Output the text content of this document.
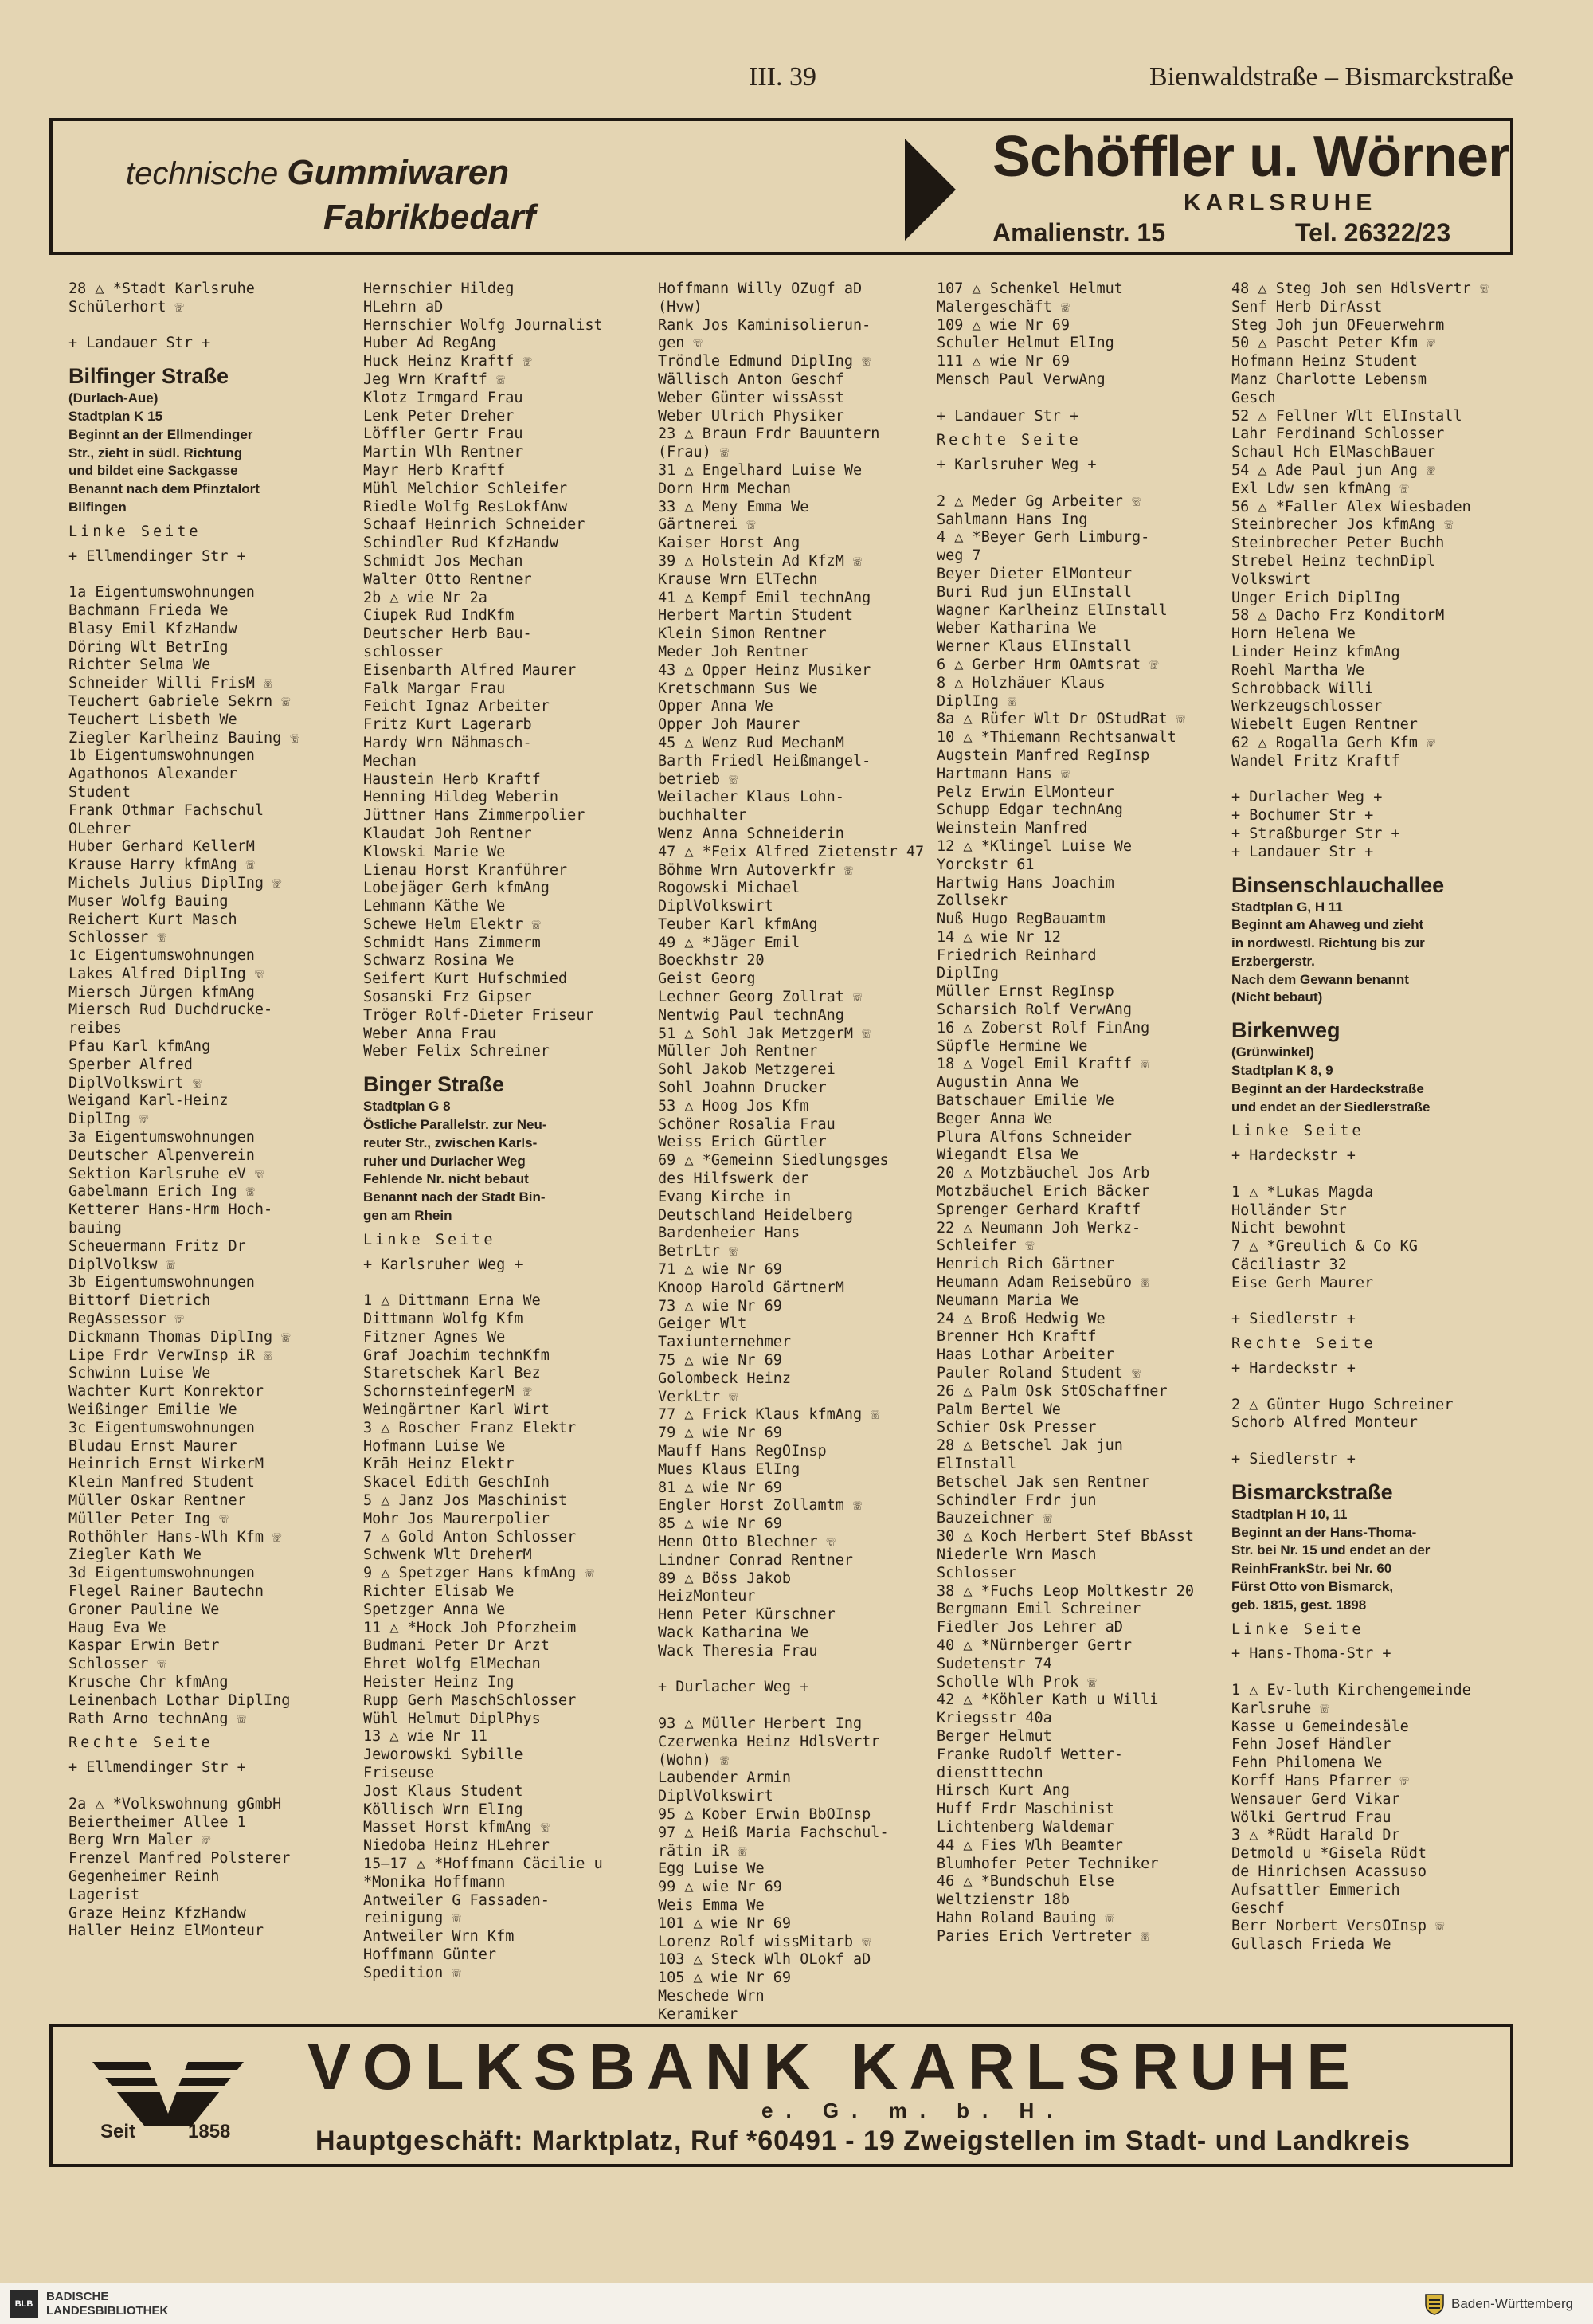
III. 39	Bienwaldstraße – Bismarckstraße
technische Gummiwaren
Fabrikbedarf
Schöffler u. Wörner
KARLSRUHE
Amalienstr. 15	Tel. 26322/23
28 △ *Stadt Karlsruhe
Schülerhort ☏
+ Landauer Str +
Bilfinger Straße
(Durlach-Aue)
Stadtplan K 15
Beginnt an der Ellmendinger
Str., zieht in südl. Richtung
und bildet eine Sackgasse
Benannt nach dem Pfinztalort
Bilfingen
Linke Seite
+ Ellmendinger Str +
1a Eigentumswohnungen
Bachmann Frieda We
Blasy Emil KfzHandw
Döring Wlt BetrIng
Richter Selma We
Schneider Willi FrisM ☏
Teuchert Gabriele Sekrn ☏
Teuchert Lisbeth We
Ziegler Karlheinz Bauing ☏
1b Eigentumswohnungen
Agathonos Alexander
Student
Frank Othmar Fachschul
OLehrer
Huber Gerhard KellerM
Krause Harry kfmAng ☏
Michels Julius DiplIng ☏
Muser Wolfg Bauing
Reichert Kurt Masch
Schlosser ☏
1c Eigentumswohnungen
Lakes Alfred DiplIng ☏
Miersch Jürgen kfmAng
Miersch Rud Duchdrucke-
reibes
Pfau Karl kfmAng
Sperber Alfred
DiplVolkswirt ☏
Weigand Karl-Heinz
DiplIng ☏
3a Eigentumswohnungen
Deutscher Alpenverein
Sektion Karlsruhe eV ☏
Gabelmann Erich Ing ☏
Ketterer Hans-Hrm Hoch-
bauing
Scheuermann Fritz Dr
DiplVolksw ☏
3b Eigentumswohnungen
Bittorf Dietrich
RegAssessor ☏
Dickmann Thomas DiplIng ☏
Lipe Frdr VerwInsp iR ☏
Schwinn Luise We
Wachter Kurt Konrektor
Weißinger Emilie We
3c Eigentumswohnungen
Bludau Ernst Maurer
Heinrich Ernst WirkerM
Klein Manfred Student
Müller Oskar Rentner
Müller Peter Ing ☏
Rothöhler Hans-Wlh Kfm ☏
Ziegler Kath We
3d Eigentumswohnungen
Flegel Rainer Bautechn
Groner Pauline We
Haug Eva We
Kaspar Erwin Betr
Schlosser ☏
Krusche Chr kfmAng
Leinenbach Lothar DiplIng
Rath Arno technAng ☏
Rechte Seite
+ Ellmendinger Str +
2a △ *Volkswohnung gGmbH
Beiertheimer Allee 1
Berg Wrn Maler ☏
Frenzel Manfred Polsterer
Gegenheimer Reinh
Lagerist
Graze Heinz KfzHandw
Haller Heinz ElMonteur
Hernschier Hildeg
HLehrn aD
Hernschier Wolfg Journalist
Huber Ad RegAng
Huck Heinz Kraftf ☏
Jeg Wrn Kraftf ☏
Klotz Irmgard Frau
Lenk Peter Dreher
Löffler Gertr Frau
Martin Wlh Rentner
Mayr Herb Kraftf
Mühl Melchior Schleifer
Riedle Wolfg ResLokfAnw
Schaaf Heinrich Schneider
Schindler Rud KfzHandw
Schmidt Jos Mechan
Walter Otto Rentner
2b △ wie Nr 2a
Ciupek Rud IndKfm
Deutscher Herb Bau-
schlosser
Eisenbarth Alfred Maurer
Falk Margar Frau
Feicht Ignaz Arbeiter
Fritz Kurt Lagerarb
Hardy Wrn Nähmasch-
Mechan
Haustein Herb Kraftf
Henning Hildeg Weberin
Jüttner Hans Zimmerpolier
Klaudat Joh Rentner
Klowski Marie We
Lienau Horst Kranführer
Lobejäger Gerh kfmAng
Lehmann Käthe We
Schewe Helm Elektr ☏
Schmidt Hans Zimmerm
Schwarz Rosina We
Seifert Kurt Hufschmied
Sosanski Frz Gipser
Tröger Rolf-Dieter Friseur
Weber Anna Frau
Weber Felix Schreiner
Binger Straße
Stadtplan G 8
Östliche Parallelstr. zur Neu-
reuter Str., zwischen Karls-
ruher und Durlacher Weg
Fehlende Nr. nicht bebaut
Benannt nach der Stadt Bin-
gen am Rhein
Linke Seite
+ Karlsruher Weg +
1 △ Dittmann Erna We
Dittmann Wolfg Kfm
Fitzner Agnes We
Graf Joachim technKfm
Staretschek Karl Bez
SchornsteinfegerM ☏
Weingärtner Karl Wirt
3 △ Roscher Franz Elektr
Hofmann Luise We
Krāh Heinz Elektr
Skacel Edith GeschInh
5 △ Janz Jos Maschinist
Mohr Jos Maurerpolier
7 △ Gold Anton Schlosser
Schwenk Wlt DreherM
9 △ Spetzger Hans kfmAng ☏
Richter Elisab We
Spetzger Anna We
11 △ *Hock Joh Pforzheim
Budmani Peter Dr Arzt
Ehret Wolfg ElMechan
Heister Heinz Ing
Rupp Gerh MaschSchlosser
Wühl Helmut DiplPhys
13 △ wie Nr 11
Jeworowski Sybille
Friseuse
Jost Klaus Student
Köllisch Wrn ElIng
Masset Horst kfmAng ☏
Niedoba Heinz HLehrer
15–17 △ *Hoffmann Cäcilie u
*Monika Hoffmann
Antweiler G Fassaden-
reinigung ☏
Antweiler Wrn Kfm
Hoffmann Günter
Spedition ☏
Hoffmann Willy OZugf aD
(Hvw)
Rank Jos Kaminisolierun-
gen ☏
Tröndle Edmund DiplIng ☏
Wällisch Anton Geschf
Weber Günter wissAsst
Weber Ulrich Physiker
23 △ Braun Frdr Bauuntern
(Frau) ☏
31 △ Engelhard Luise We
Dorn Hrm Mechan
33 △ Meny Emma We
Gärtnerei ☏
Kaiser Horst Ang
39 △ Holstein Ad KfzM ☏
Krause Wrn ElTechn
41 △ Kempf Emil technAng
Herbert Martin Student
Klein Simon Rentner
Meder Joh Rentner
43 △ Opper Heinz Musiker
Kretschmann Sus We
Opper Anna We
Opper Joh Maurer
45 △ Wenz Rud MechanM
Barth Friedl Heißmangel-
betrieb ☏
Weilacher Klaus Lohn-
buchhalter
Wenz Anna Schneiderin
47 △ *Feix Alfred Zietenstr 47
Böhme Wrn Autoverkfr ☏
Rogowski Michael
DiplVolkswirt
Teuber Karl kfmAng
49 △ *Jäger Emil
Boeckhstr 20
Geist Georg
Lechner Georg Zollrat ☏
Nentwig Paul technAng
51 △ Sohl Jak MetzgerM ☏
Müller Joh Rentner
Sohl Jakob Metzgerei
Sohl Joahnn Drucker
53 △ Hoog Jos Kfm
Schöner Rosalia Frau
Weiss Erich Gürtler
69 △ *Gemeinn Siedlungsges
des Hilfswerk der
Evang Kirche in
Deutschland Heidelberg
Bardenheier Hans
BetrLtr ☏
71 △ wie Nr 69
Knoop Harold GärtnerM
73 △ wie Nr 69
Geiger Wlt
Taxiunternehmer
75 △ wie Nr 69
Golombeck Heinz
VerkLtr ☏
77 △ Frick Klaus kfmAng ☏
79 △ wie Nr 69
Mauff Hans RegOInsp
Mues Klaus ElIng
81 △ wie Nr 69
Engler Horst Zollamtm ☏
85 △ wie Nr 69
Henn Otto Blechner ☏
Lindner Conrad Rentner
89 △ Böss Jakob
HeizMonteur
Henn Peter Kürschner
Wack Katharina We
Wack Theresia Frau
+ Durlacher Weg +
93 △ Müller Herbert Ing
Czerwenka Heinz HdlsVertr
(Wohn) ☏
Laubender Armin
DiplVolkswirt
95 △ Kober Erwin BbOInsp
97 △ Heiß Maria Fachschul-
rätin iR ☏
Egg Luise We
99 △ wie Nr 69
Weis Emma We
101 △ wie Nr 69
Lorenz Rolf wissMitarb ☏
103 △ Steck Wlh OLokf aD
105 △ wie Nr 69
Meschede Wrn
Keramiker
107 △ Schenkel Helmut
Malergeschäft ☏
109 △ wie Nr 69
Schuler Helmut ElIng
111 △ wie Nr 69
Mensch Paul VerwAng
+ Landauer Str +
Rechte Seite
+ Karlsruher Weg +
2 △ Meder Gg Arbeiter ☏
Sahlmann Hans Ing
4 △ *Beyer Gerh Limburg-
weg 7
Beyer Dieter ElMonteur
Buri Rud jun ElInstall
Wagner Karlheinz ElInstall
Weber Katharina We
Werner Klaus ElInstall
6 △ Gerber Hrm OAmtsrat ☏
8 △ Holzhäuer Klaus
DiplIng ☏
8a △ Rüfer Wlt Dr OStudRat ☏
10 △ *Thiemann Rechtsanwalt
Augstein Manfred RegInsp
Hartmann Hans ☏
Pelz Erwin ElMonteur
Schupp Edgar technAng
Weinstein Manfred
12 △ *Klingel Luise We
Yorckstr 61
Hartwig Hans Joachim
Zollsekr
Nuß Hugo RegBauamtm
14 △ wie Nr 12
Friedrich Reinhard
DiplIng
Müller Ernst RegInsp
Scharsich Rolf VerwAng
16 △ Zoberst Rolf FinAng
Süpfle Hermine We
18 △ Vogel Emil Kraftf ☏
Augustin Anna We
Batschauer Emilie We
Beger Anna We
Plura Alfons Schneider
Wiegandt Elsa We
20 △ Motzbäuchel Jos Arb
Motzbäuchel Erich Bäcker
Sprenger Gerhard Kraftf
22 △ Neumann Joh Werkz-
Schleifer ☏
Henrich Rich Gärtner
Heumann Adam Reisebüro ☏
Neumann Maria We
24 △ Broß Hedwig We
Brenner Hch Kraftf
Haas Lothar Arbeiter
Pauler Roland Student ☏
26 △ Palm Osk StOSchaffner
Palm Bertel We
Schier Osk Presser
28 △ Betschel Jak jun
ElInstall
Betschel Jak sen Rentner
Schindler Frdr jun
Bauzeichner ☏
30 △ Koch Herbert Stef BbAsst
Niederle Wrn Masch
Schlosser
38 △ *Fuchs Leop Moltkestr 20
Bergmann Emil Schreiner
Fiedler Jos Lehrer aD
40 △ *Nürnberger Gertr
Sudetenstr 74
Scholle Wlh Prok ☏
42 △ *Köhler Kath u Willi
Kriegsstr 40a
Berger Helmut
Franke Rudolf Wetter-
dienstttechn
Hirsch Kurt Ang
Huff Frdr Maschinist
Lichtenberg Waldemar
44 △ Fies Wlh Beamter
Blumhofer Peter Techniker
46 △ *Bundschuh Else
Weltzienstr 18b
Hahn Roland Bauing ☏
Paries Erich Vertreter ☏
48 △ Steg Joh sen HdlsVertr ☏
Senf Herb DirAsst
Steg Joh jun OFeuerwehrm
50 △ Pascht Peter Kfm ☏
Hofmann Heinz Student
Manz Charlotte Lebensm
Gesch
52 △ Fellner Wlt ElInstall
Lahr Ferdinand Schlosser
Schaul Hch ElMaschBauer
54 △ Ade Paul jun Ang ☏
Exl Ldw sen kfmAng ☏
56 △ *Faller Alex Wiesbaden
Steinbrecher Jos kfmAng ☏
Steinbrecher Peter Buchh
Strebel Heinz technDipl
Volkswirt
Unger Erich DiplIng
58 △ Dacho Frz KonditorM
Horn Helena We
Linder Heinz kfmAng
Roehl Martha We
Schrobback Willi
Werkzeugschlosser
Wiebelt Eugen Rentner
62 △ Rogalla Gerh Kfm ☏
Wandel Fritz Kraftf
+ Durlacher Weg +
+ Bochumer Str +
+ Straßburger Str +
+ Landauer Str +
Binsenschlauchallee
Stadtplan G, H 11
Beginnt am Ahaweg und zieht
in nordwestl. Richtung bis zur
Erzbergerstr.
Nach dem Gewann benannt
(Nicht bebaut)
Birkenweg
(Grünwinkel)
Stadtplan K 8, 9
Beginnt an der Hardeckstraße
und endet an der Siedlerstraße
Linke Seite
+ Hardeckstr +
1 △ *Lukas Magda
Holländer Str
Nicht bewohnt
7 △ *Greulich & Co KG
Cäciliastr 32
Eise Gerh Maurer
+ Siedlerstr +
Rechte Seite
+ Hardeckstr +
2 △ Günter Hugo Schreiner
Schorb Alfred Monteur
+ Siedlerstr +
Bismarckstraße
Stadtplan H 10, 11
Beginnt an der Hans-Thoma-
Str. bei Nr. 15 und endet an der
ReinhFrankStr. bei Nr. 60
Fürst Otto von Bismarck,
geb. 1815, gest. 1898
Linke Seite
+ Hans-Thoma-Str +
1 △ Ev-luth Kirchengemeinde
Karlsruhe ☏
Kasse u Gemeindesäle
Fehn Josef Händler
Fehn Philomena We
Korff Hans Pfarrer ☏
Wensauer Gerd Vikar
Wölki Gertrud Frau
3 △ *Rüdt Harald Dr
Detmold u *Gisela Rüdt
de Hinrichsen Acassuso
Aufsattler Emmerich
Geschf
Berr Norbert VersOInsp ☏
Gullasch Frieda We
Seit	1858
VOLKSBANK KARLSRUHE
e. G. m. b. H.
Hauptgeschäft: Marktplatz, Ruf *60491 - 19 Zweigstellen im Stadt- und Landkreis
BLB
BADISCHE
LANDESBIBLIOTHEK	Baden-Württemberg
